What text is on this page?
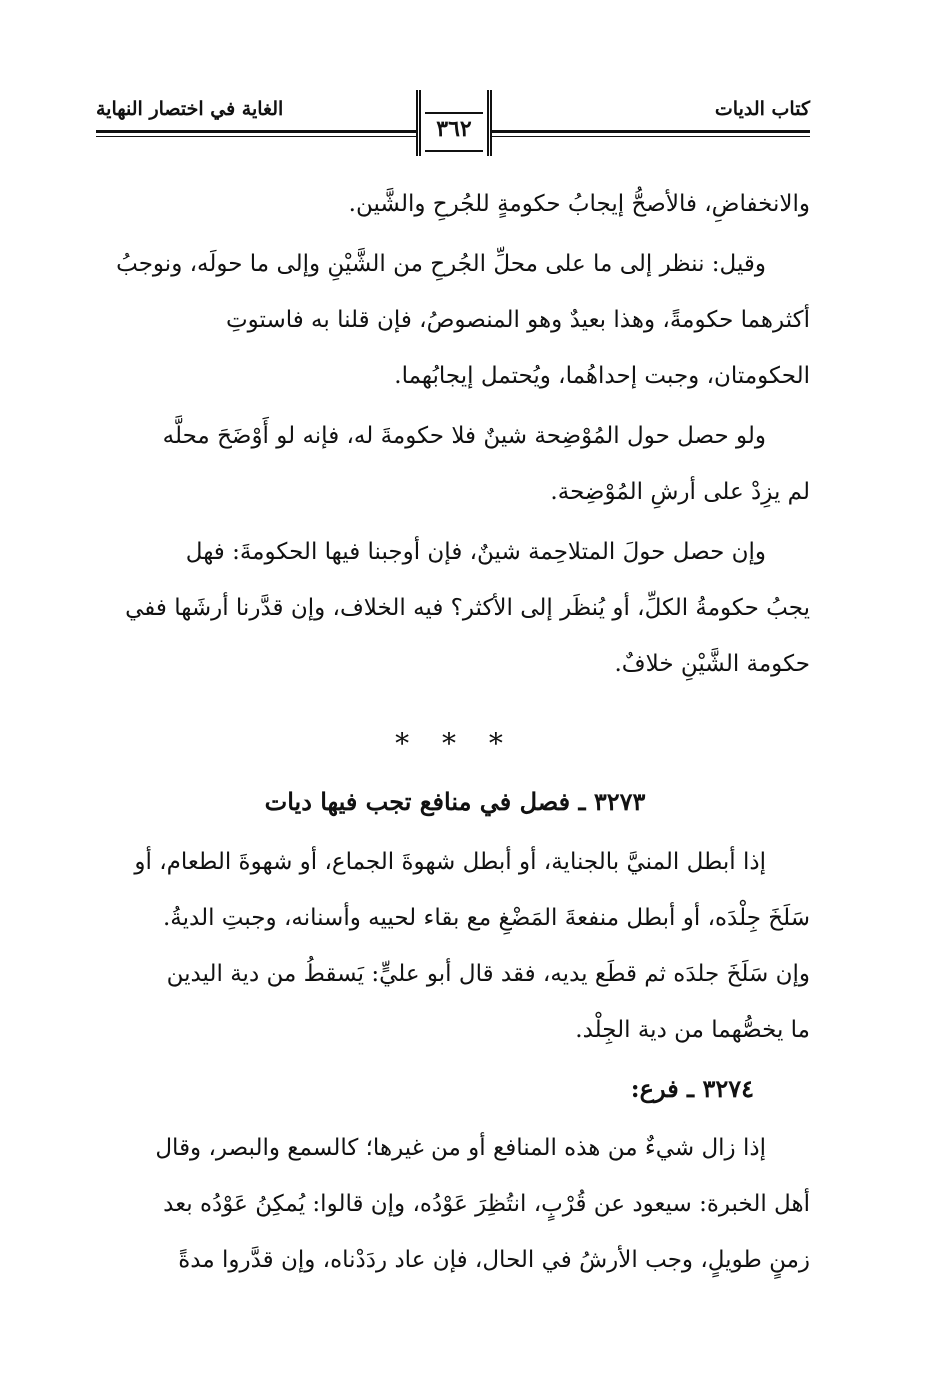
كتاب الديات
الغاية في اختصار النهاية
٣٦٢
والانخفاضِ، فالأصحُّ إيجابُ حكومةٍ للجُرحِ والشَّين.
وقيل: ننظر إلى ما على محلِّ الجُرحِ من الشَّيْنِ وإلى ما حولَه، ونوجبُ
أكثرهما حكومةً، وهذا بعيدٌ وهو المنصوصُ، فإن قلنا به فاستوتِ
الحكومتان، وجبت إحداهُما، ويُحتمل إيجابُهما.
ولو حصل حول المُوْضِحة شينٌ فلا حكومةَ له، فإنه لو أَوْضَحَ محلَّه
لم يزِدْ على أرشِ المُوْضِحة.
وإن حصل حولَ المتلاحِمة شينٌ، فإن أوجبنا فيها الحكومةَ: فهل
يجبُ حكومةُ الكلِّ، أو يُنظَر إلى الأكثر؟ فيه الخلاف، وإن قدَّرنا أرشَها ففي
حكومة الشَّيْنِ خلافٌ.
* * *
٣٢٧٣ ـ فصل في منافع تجب فيها ديات
إذا أبطل المنيَّ بالجناية، أو أبطل شهوةَ الجماع، أو شهوةَ الطعام، أو
سَلَخَ جِلْدَه، أو أبطل منفعةَ المَضْغِ مع بقاء لحييه وأسنانه، وجبتِ الديةُ.
وإن سَلَخَ جلدَه ثم قطَع يديه، فقد قال أبو عليٍّ: يَسقطُ من دية اليدين
ما يخصُّهما من دية الجِلْد.
٣٢٧٤ ـ فرع:
إذا زال شيءٌ من هذه المنافع أو من غيرها؛ كالسمع والبصر، وقال
أهل الخبرة: سيعود عن قُرْبٍ، انتُظِرَ عَوْدُه، وإن قالوا: يُمكِنُ عَوْدُه بعد
زمنٍ طويلٍ، وجب الأرشُ في الحال، فإن عاد ردَدْناه، وإن قدَّروا مدةً
